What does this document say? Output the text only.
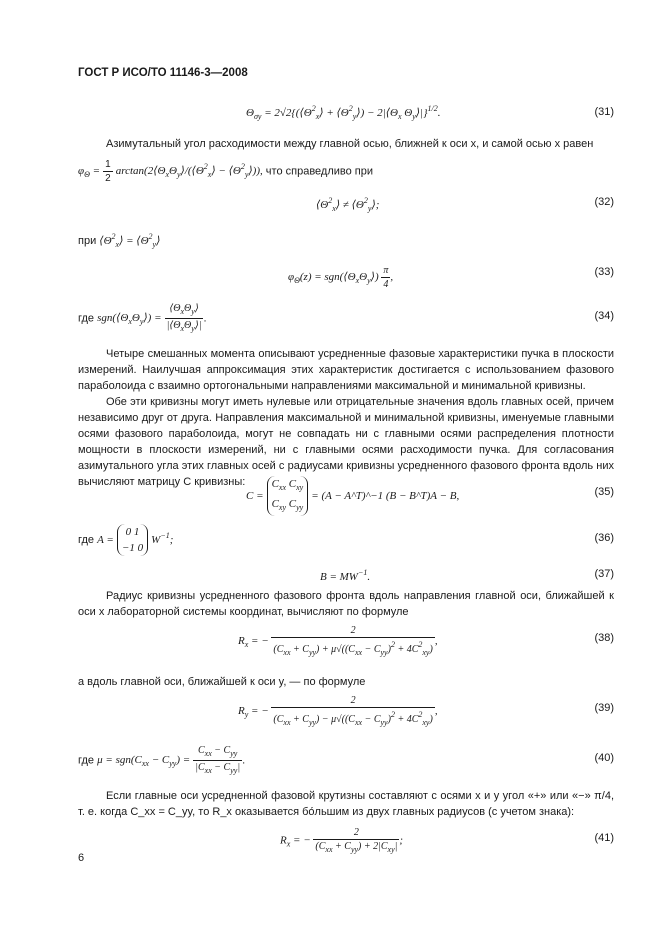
ГОСТ Р ИСО/ТО 11146-3—2008
$\Theta_{\sigma y}$ = $2√2\{(⟨\Theta^2_x⟩$ + $⟨\Theta^2_y⟩$) − $2|⟨\Theta_x$ $\Theta_y⟩|\}^{1/2}$.	(31)
Азимутальный угол расходимости между главной осью, ближней к оси x, и самой осью x равен
$\varphi_\Theta = \frac{1}{2}$ $\arctan(2⟨\Theta_x\Theta_y⟩/(⟨\Theta^2_x⟩$ − $⟨\Theta^2_y⟩$)), что справедливо при
$⟨\Theta^2_x⟩$ ≠ $⟨\Theta^2_y⟩$;	(32)
при $⟨\Theta^2_x⟩$ = $⟨\Theta^2_y⟩$
$\varphi_\Theta(z)$ = $sgn(⟨\Theta_x\Theta_y⟩) \frac{\pi}{4}$ ,	(33)
где $sgn(⟨\Theta_x\Theta_y⟩) = \frac{⟨\Theta_x\Theta_y⟩}{|⟨\Theta_x\Theta_y⟩|}$ .	(34)
Четыре смешанных момента описывают усредненные фазовые характеристики пучка в плоскости измерений. Наилучшая аппроксимация этих характеристик достигается с использованием фазового параболоида с взаимно ортогональными направлениями максимальной и минимальной кривизны.
Обе эти кривизны могут иметь нулевые или отрицательные значения вдоль главных осей, причем независимо друг от друга. Направления максимальной и минимальной кривизны, именуемые главными осями фазового параболоида, могут не совпадать ни с главными осями распределения плотности мощности в плоскости измерений, ни с главными осями расходимости пучка. Для согласования азимутального угла этих главных осей с радиусами кривизны усредненного фазового фронта вдоль них вычисляют матрицу C кривизны:
C =
$C_{xx}$ $C_{xy}$
$C_{xy}$ $C_{yy}$
= (A − A^T)^−1 (B − B^T)A − B,	(35)
где A =
0 1
−1 0
$W^{-1}$;	(36)
$B = MW^{-1}$.	(37)
Радиус кривизны усредненного фазового фронта вдоль направления главной оси, ближайшей к оси x лабораторной системы координат, вычисляют по формуле
$R_x$ = − $\frac{2}{(C_{xx} + C_{yy}) + \mu√((C_{xx} - C_{yy})^2 + 4C^2_{xy})}$ ,	(38)
а вдоль главной оси, ближайшей к оси y, — по формуле
$R_y$ = − $\frac{2}{(C_{xx} + C_{yy}) - \mu√((C_{xx} - C_{yy})^2 + 4C^2_{xy})}$ ,	(39)
где $\mu = sgn(C_{xx} - C_{yy}) = \frac{C_{xx} - C_{yy}}{|C_{xx} - C_{yy}|}$ .	(40)
Если главные оси усредненной фазовой крутизны составляют с осями x и y угол «+» или «−» π/4, т. е. когда C_xx = C_yy, то R_x оказывается бо́льшим из двух главных радиусов (с учетом знака):
$R_x$ = − $\frac{2}{(C_{xx} + C_{yy}) + 2|C_{xy}|}$ ;	(41)
6
